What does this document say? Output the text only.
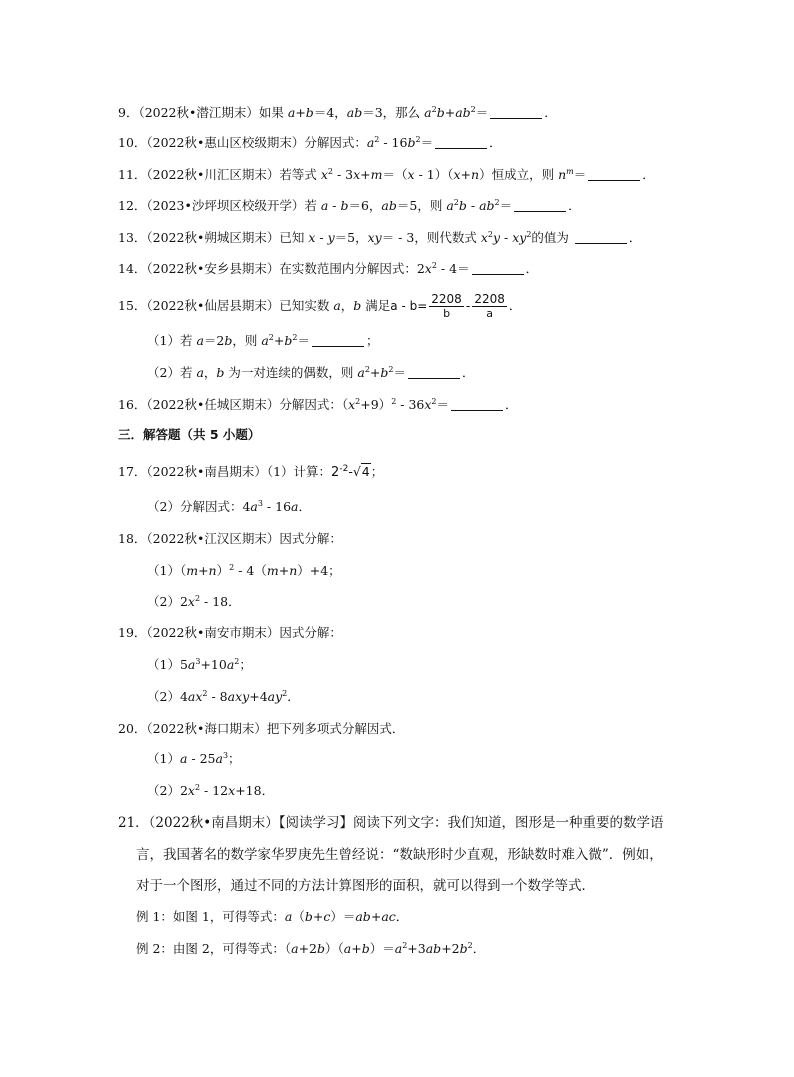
9．（2022秋•潜江期末）如果 a+b＝4，ab＝3，那么 $a^2b+ab^2=$	．
10．（2022秋•惠山区校级期末）分解因式：$a^2 - 16b^2=$	．
11．（2022秋•川汇区期末）若等式 $x^2 - 3x+m=(x - 1)(x+n)$恒成立，则 $n^m=$	．
12．（2023•沙坪坝区校级开学）若 a - b＝6，ab＝5，则 $a^2b - ab^2=$	．
13．（2022秋•朔城区期末）已知 x - y＝5，xy＝ - 3，则代数式 $x^2y - xy^2$的值为	．
14．（2022秋•安乡县期末）在实数范围内分解因式：$2x^2 - 4=$	．
15．（2022秋•仙居县期末）已知实数 a，b 满足$a - b= \frac{2208}{b} - \frac{2208}{a}$ ．
（1）若 a＝2b，则 $a^2+b^2=$	；
（2）若 a，b 为一对连续的偶数，则 $a^2+b^2=$	．
16．（2022秋•任城区期末）分解因式：$(x^2+9)^2 - 36x^2=$	．
三．解答题（共 5 小题）
17．（2022秋•南昌期末）（1）计算：$2^{-2}-√4$；
（2）分解因式：$4a^3 - 16a$．
18．（2022秋•江汉区期末）因式分解：
$(1)(m+n)^2 - 4(m+n)+4$；
$(2)2x^2 - 18$．
19．（2022秋•南安市期末）因式分解：
$(1)5a^3+10a^2$；
$(2)4ax^2 - 8axy+4ay^2$．
20．（2022秋•海口期末）把下列多项式分解因式．
$(1)a - 25a^3$；
$(2)2x^2 - 12x+18$．
21．（2022秋•南昌期末）【阅读学习】阅读下列文字：我们知道，图形是一种重要的数学语
言，我国著名的数学家华罗庚先生曾经说：“数缺形时少直观，形缺数时难入微”．例如，
对于一个图形，通过不同的方法计算图形的面积，就可以得到一个数学等式．
例 1：如图 1，可得等式：a（b+c）＝ab+ac．
例 2：由图 2，可得等式：$(a+2b)(a+b)=a^2+3ab+2b^2$．
